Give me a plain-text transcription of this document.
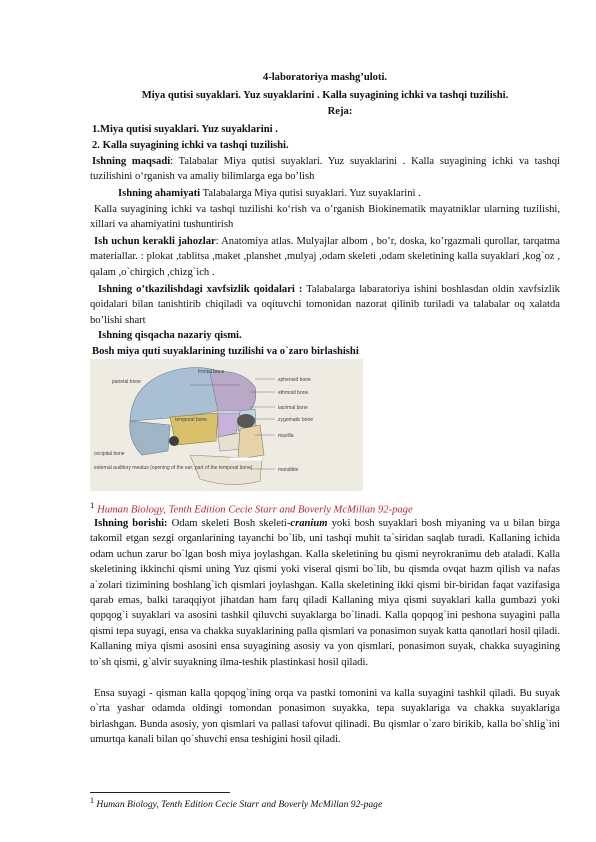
4-laboratoriya mashg’uloti.
Miya qutisi suyaklari. Yuz suyaklarini . Kalla suyagining ichki va tashqi tuzilishi.
Reja:
1.Miya qutisi suyaklari. Yuz suyaklarini .
2. Kalla suyagining ichki va tashqi tuzilishi.
Ishning maqsadi: Talabalar Miya qutisi suyaklari. Yuz suyaklarini . Kalla suyagining ichki va tashqi tuzilishini o‘rganish va amaliy bilimlarga ega bo’lish
Ishning ahamiyati Talabalarga Miya qutisi suyaklari. Yuz suyaklarini .
Kalla suyagining ichki va tashqi tuzilishi ko‘rish va o’rganish Biokinematik mayatniklar ularning tuzilishi, xillari va ahamiyatini tushuntirish
Ish uchun kerakli jahozlar: Anatomiya atlas. Mulyajlar albom , bo’r, doska, ko’rgazmali qurollar, tarqatma materiallar. : plokat ,tablitsa ,maket ,planshet ,mulyaj ,odam skeleti ,odam skeletining kalla suyaklari ,kog`oz , qalam ,o`chirgich ,chizg`ich .
Ishning o’tkazilishdagi xavfsizlik qoidalari : Talabalarga labaratoriya ishini boshlasdan oldin xavfsizlik qoidalari bilan tanishtirib chiqiladi va oqituvchi tomonidan nazorat qilinib turiladi va talabalar oq xalatda bo’lishi shart
Ishning qisqacha nazariy qismi.
Bosh miya quti suyaklarining tuzilishi va o`zaro birlashishi
parietal bone
temporal bone
occipital bone
external auditory meatus (opening of the ear; part of the temporal bone)
frontal bone
sphenoid bone
ethmoid bone
lacrimal bone
zygomatic bone
maxilla
mandible
$^1$ Human Biology, Tenth Edition Cecie Starr and Boverly McMillan 92-page
Ishning borishi: Odam skeleti Bosh skeleti-cranium yoki bosh suyaklari bosh miyaning va u bilan birga takomil etgan sezgi organlarining tayanchi bo`lib, uni tashqi muhit ta`siridan saqlab turadi. Kallaning ichida odam uchun zarur bo`lgan bosh miya joylashgan. Kalla skeletining bu qismi neyrokranimu deb ataladi. Kalla skeletining ikkinchi qismi uning Yuz qismi yoki viseral qismi bo`lib, bu qismda ovqat hazm qilish va nafas a`zolari tizimining boshlang`ich qismlari joylashgan. Kalla skeletining ikki qismi bir-biridan faqat vazifasiga qarab emas, balki taraqqiyot jihatdan ham farq qiladi Kallaning miya qismi suyaklari kalla gumbazi yoki qopqog`i suyaklari va asosini tashkil qiluvchi suyaklarga bo`linadi. Kalla qopqog`ini peshona suyagini palla qismi tepa suyagi, ensa va chakka suyaklarining palla qismlari va ponasimon suyak katta qanotlari hosil qiladi. Kallaning miya qismi asosini ensa suyagining asosiy va yon qismlari, ponasimon suyak, chakka suyagining to`sh qismi, g`alvir suyakning ilma-teshik plastinkasi hosil qiladi.
Ensa suyagi - qisman kalla qopqog`ining orqa va pastki tomonini va kalla suyagini tashkil qiladi. Bu suyak o`rta yashar odamda oldingi tomondan ponasimon suyakka, tepa suyaklariga va chakka suyaklariga birlashgan. Bunda asosiy, yon qismlari va pallasi tafovut qilinadi. Bu qismlar o`zaro birikib, kalla bo`shlig`ini umurtqa kanali bilan qo`shuvchi ensa teshigini hosil qiladi.
$^1$ Human Biology, Tenth Edition Cecie Starr and Boverly McMillan 92-page
